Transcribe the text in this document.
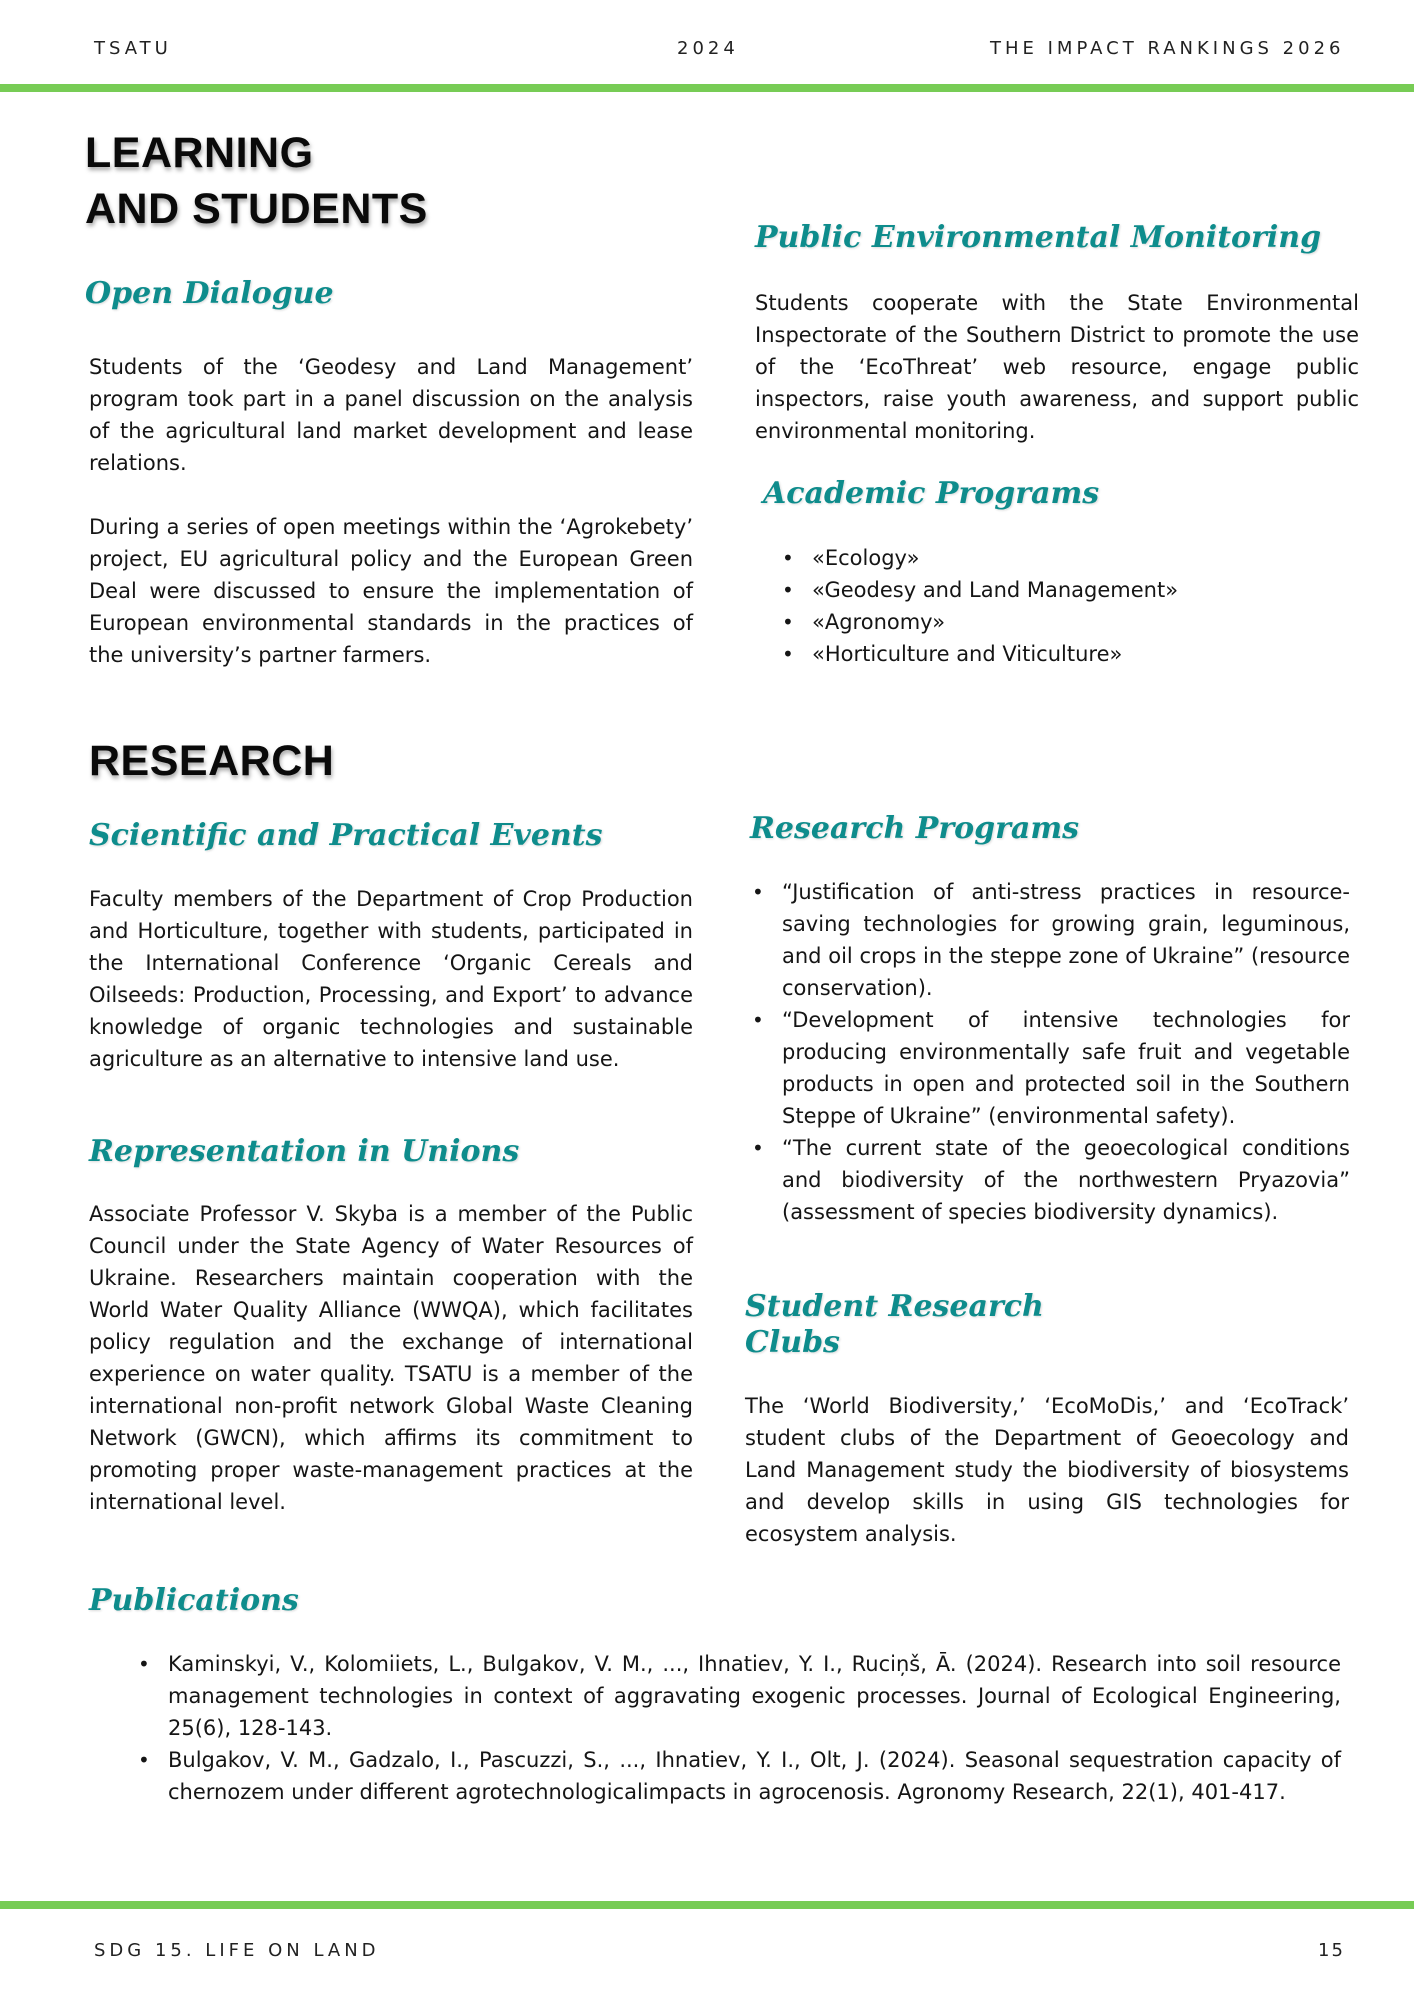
TSATU	2024	THE IMPACT RANKINGS 2026
LEARNING
AND STUDENTS
Open Dialogue

Students of the ‘Geodesy and Land Management’ program took part in a panel discussion on the analysis of the agricultural land market development and lease relations.

During a series of open meetings within the ‘Agrokebety’ project, EU agricultural policy and the European Green Deal were discussed to ensure the implementation of European environmental standards in the practices of the university’s partner farmers.

Public Environmental Monitoring

Students cooperate with the State Environmental Inspectorate of the Southern District to promote the use of the ‘EcoThreat’ web resource, engage public inspectors, raise youth awareness, and support public environmental monitoring.

Academic Programs
• «Ecology»
• «Geodesy and Land Management»
• «Agronomy»
• «Horticulture and Viticulture»
RESEARCH
Scientific and Practical Events

Faculty members of the Department of Crop Production and Horticulture, together with students, participated in the International Conference ‘Organic Cereals and Oilseeds: Production, Processing, and Export’ to advance knowledge of organic technologies and sustainable agriculture as an alternative to intensive land use.

Representation in Unions

Associate Professor V. Skyba is a member of the Public Council under the State Agency of Water Resources of Ukraine. Researchers maintain cooperation with the World Water Quality Alliance (WWQA), which facilitates policy regulation and the exchange of international experience on water quality. TSATU is a member of the international non-profit network Global Waste Cleaning Network (GWCN), which affirms its commitment to promoting proper waste-management practices at the international level.

Research Programs
• “Justification of anti-stress practices in resource-saving technologies for growing grain, leguminous, and oil crops in the steppe zone of Ukraine” (resource conservation).
• “Development of intensive technologies for producing environmentally safe fruit and vegetable products in open and protected soil in the Southern Steppe of Ukraine” (environmental safety).
• “The current state of the geoecological conditions and biodiversity of the northwestern Pryazovia” (assessment of species biodiversity dynamics).
Student Research
Clubs

The ‘World Biodiversity,’ ‘EcoMoDis,’ and ‘EcoTrack’ student clubs of the Department of Geoecology and Land Management study the biodiversity of biosystems and develop skills in using GIS technologies for ecosystem analysis.

Publications
• Kaminskyi, V., Kolomiiets, L., Bulgakov, V. M., ..., Ihnatiev, Y. I., Ruciņš, Ā. (2024). Research into soil resource management technologies in context of aggravating exogenic processes. Journal of Ecological Engineering, 25(6), 128-143.
• Bulgakov, V. M., Gadzalo, I., Pascuzzi, S., ..., Ihnatiev, Y. I., Olt, J. (2024). Seasonal sequestration capacity of chernozem under different agrotechnologicalimpacts in agrocenosis. Agronomy Research, 22(1), 401-417.
SDG 15. LIFE ON LAND	15
